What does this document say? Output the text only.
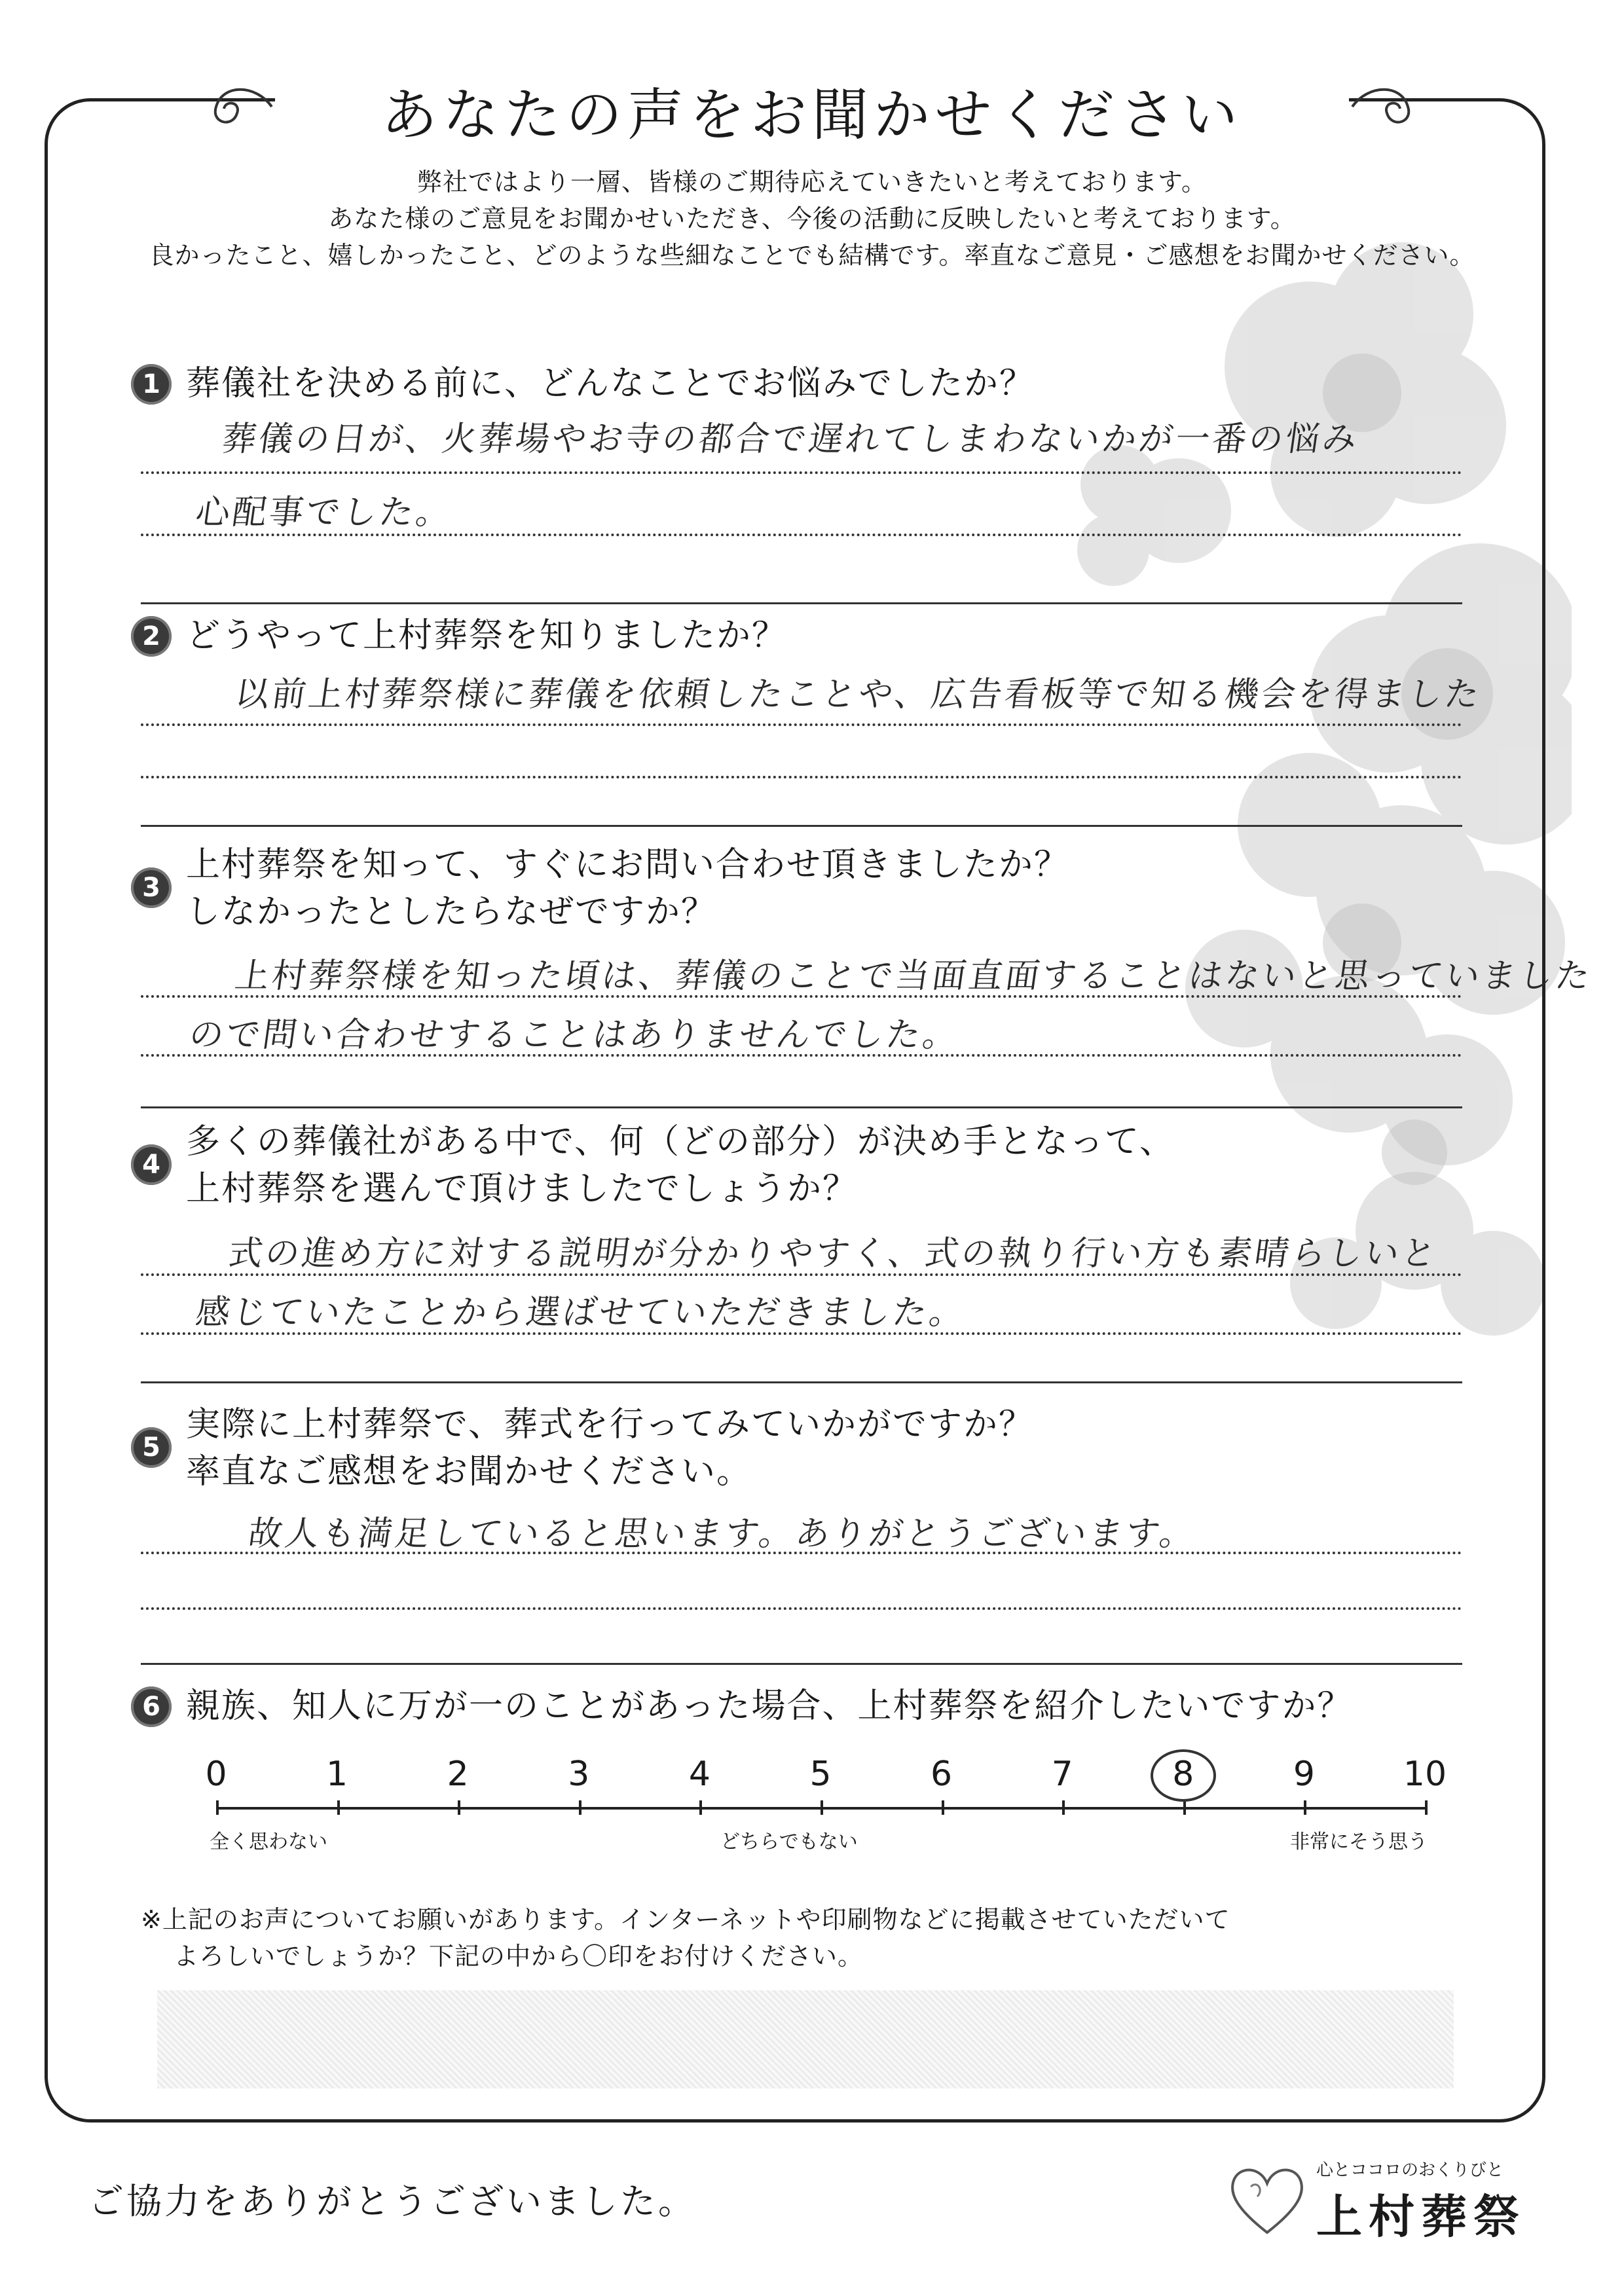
あなたの声をお聞かせください
弊社ではより一層、皆様のご期待応えていきたいと考えております。
あなた様のご意見をお聞かせいただき、今後の活動に反映したいと考えております。
良かったこと、嬉しかったこと、どのような些細なことでも結構です。率直なご意見・ご感想をお聞かせください。
1 葬儀社を決める前に、どんなことでお悩みでしたか？
葬儀の日が、火葬場やお寺の都合で遅れてしまわないかが一番の悩み
心配事でした。
2 どうやって上村葬祭を知りましたか？
以前上村葬祭様に葬儀を依頼したことや、広告看板等で知る機会を得ました
3
上村葬祭を知って、すぐにお問い合わせ頂きましたか？
しなかったとしたらなぜですか？
上村葬祭様を知った頃は、葬儀のことで当面直面することはないと思っていました
ので問い合わせすることはありませんでした。
4
多くの葬儀社がある中で、何（どの部分）が決め手となって、
上村葬祭を選んで頂けましたでしょうか？
式の進め方に対する説明が分かりやすく、式の執り行い方も素晴らしいと
感じていたことから選ばせていただきました。
5
実際に上村葬祭で、葬式を行ってみていかがですか？
率直なご感想をお聞かせください。
故人も満足していると思います。ありがとうございます。
6 親族、知人に万が一のことがあった場合、上村葬祭を紹介したいですか？
全く思わない	どちらでもない	非常にそう思う
0	1	2	3	4	5	6	7	8	9	10
※上記のお声についてお願いがあります。インターネットや印刷物などに掲載させていただいて
よろしいでしょうか？下記の中から〇印をお付けください。
ご協力をありがとうございました。
心とココロのおくりびと
上村葬祭
